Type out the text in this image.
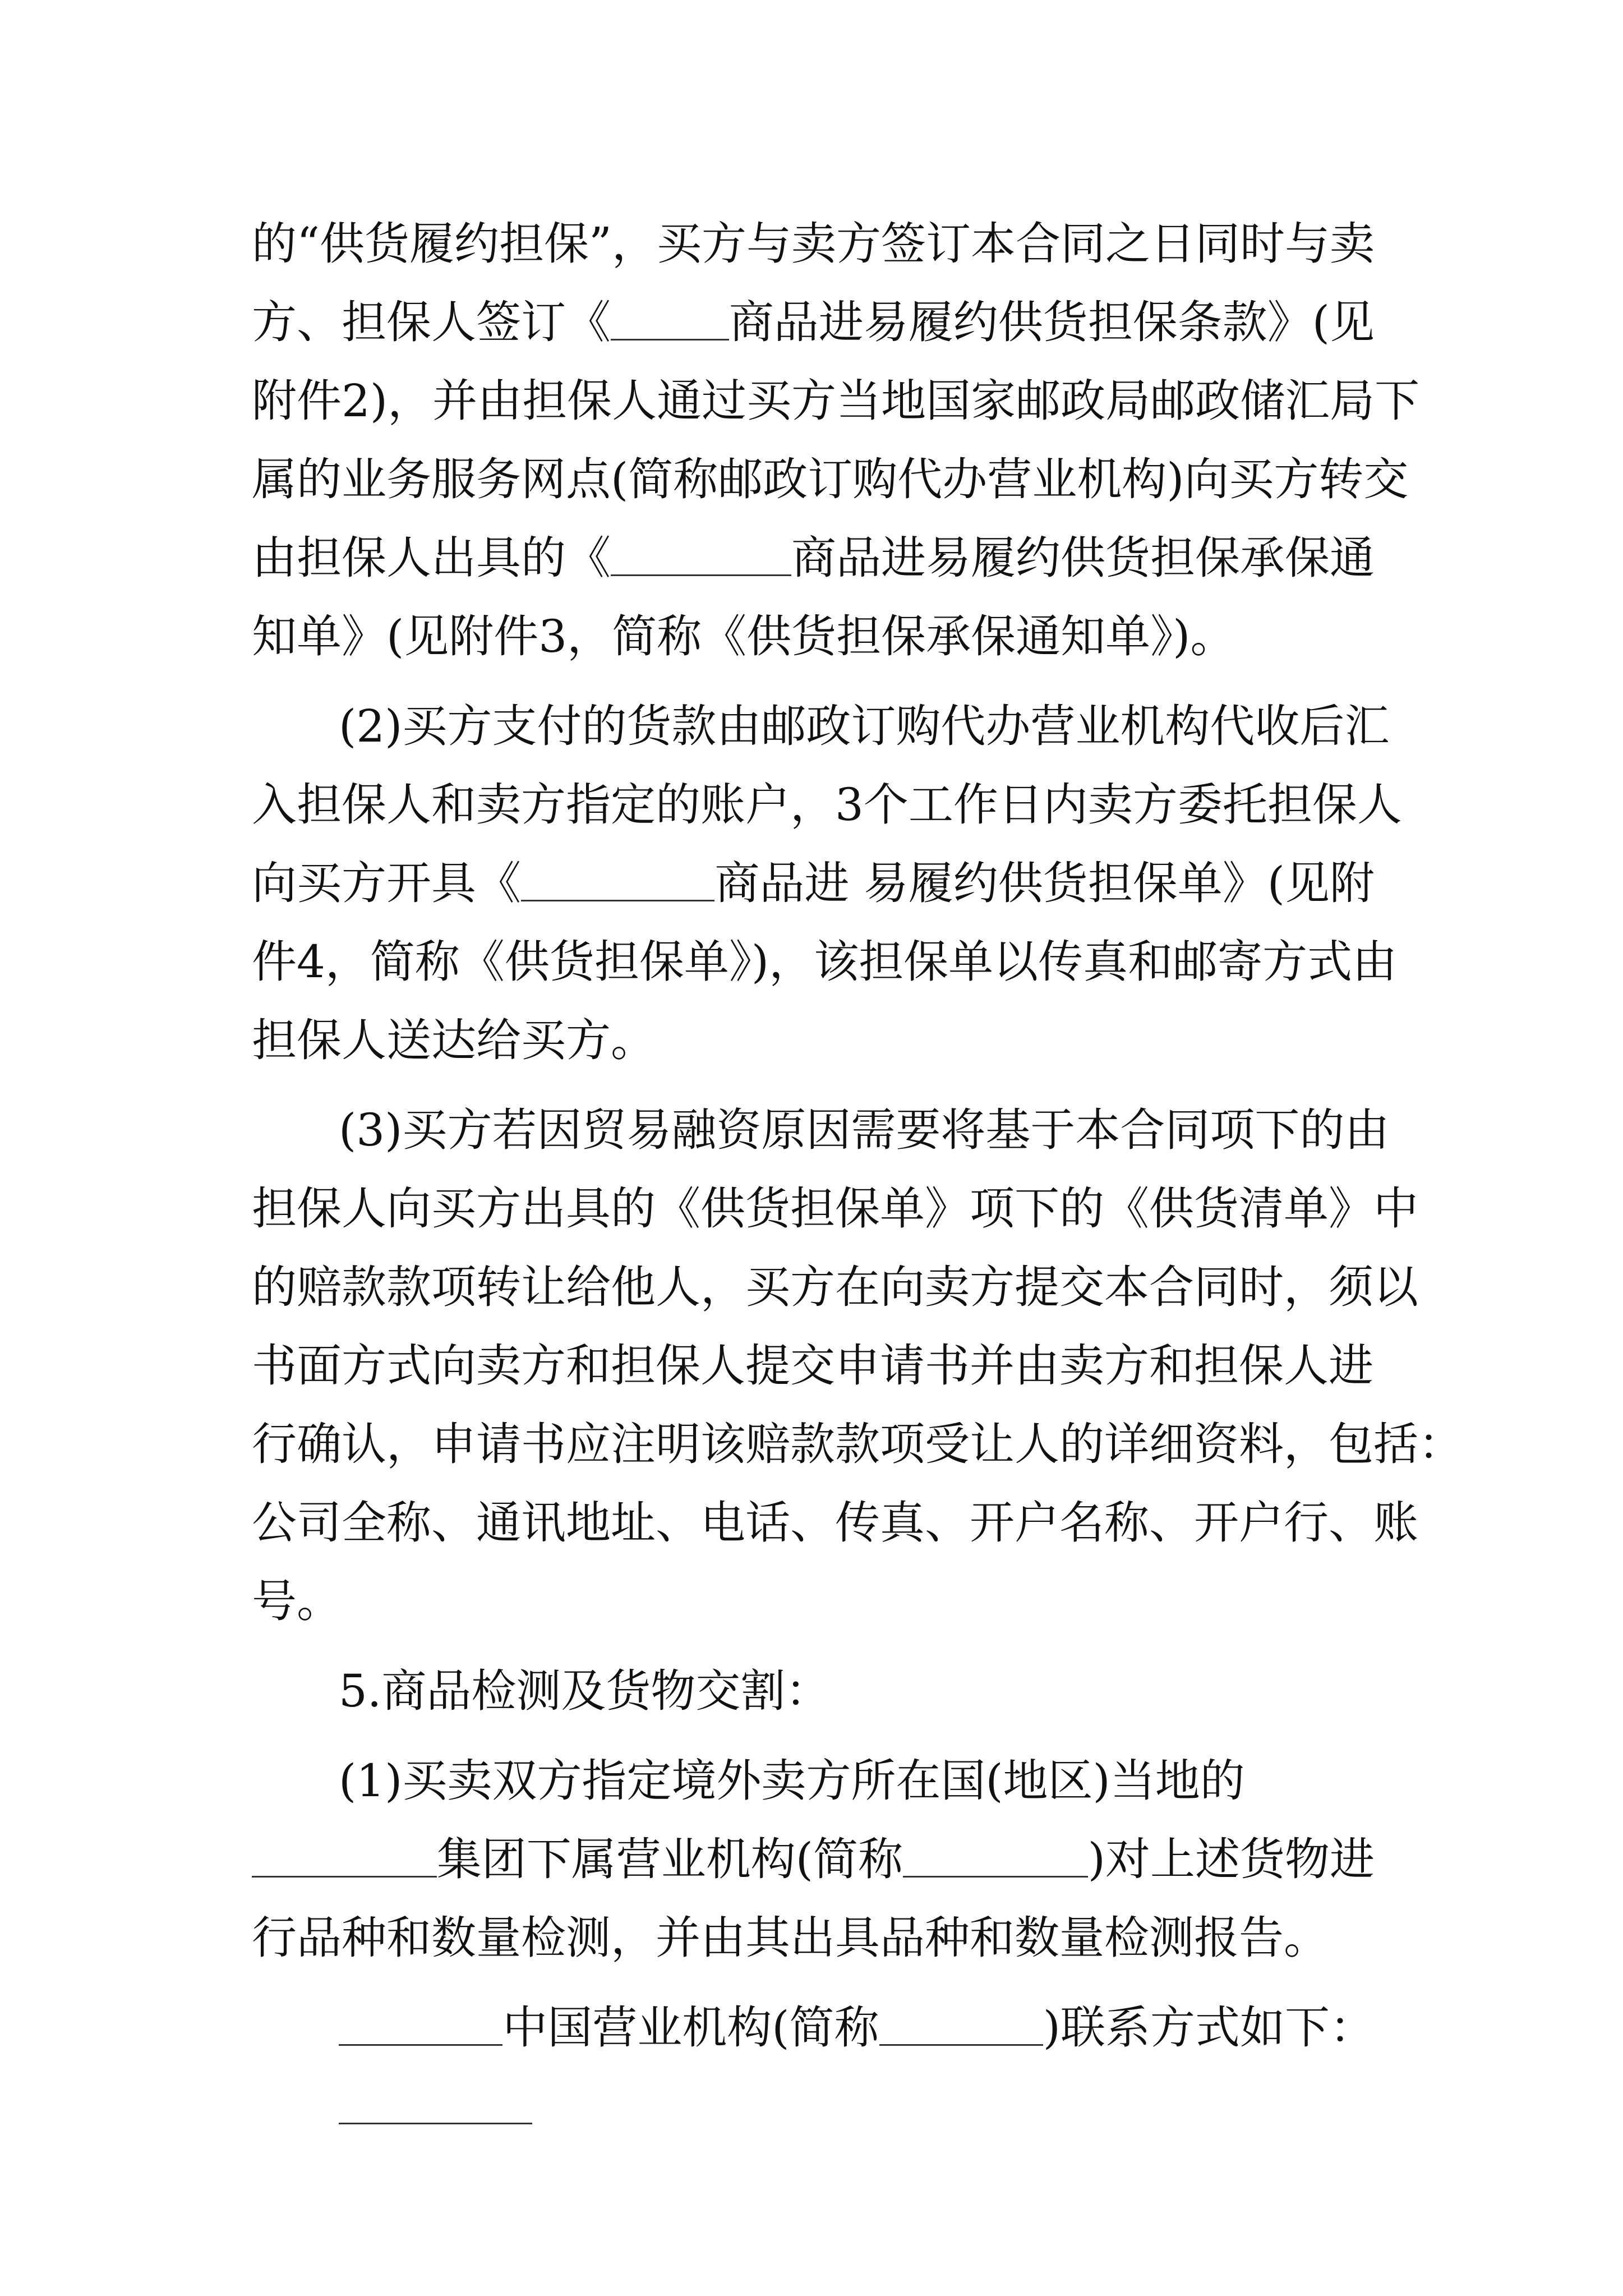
的 “供货履约担保”， 买方与卖方签订本合同之日同时与卖
方、担保人签订《	商品进易履约供货担保条款》(见
附件2)，并由担保人通过买方当地国家邮政局邮政储汇局下
属的业务服务网点(简称邮政订购代办营业机构)向买方转交
由担保人出具的《	商品进易履约供货担保承保通
知单》(见附件3，简称《供货担保承保通知单》)。
(2)买方支付的货款由邮政订购代办营业机构代收后汇
入担保人和卖方指定的账户，3个工作日内卖方委托担保人
向买方开具《	商品进 易履约供货担保单》(见附
件4，简称《供货担保单》)，该担保单以传真和邮寄方式由
担保人送达给买方。
(3)买方若因贸易融资原因需要将基于本合同项下的由
担保人向买方出具的《供货担保单》项下的《供货清单》中
的赔款款项转让给他人，买方在向卖方提交本合同时，须以
书面方式向卖方和担保人提交申请书并由卖方和担保人进
行确认，申请书应注明该赔款款项受让人的详细资料，包括：
公司全称、通讯地址、电话、传真、开户名称、开户行、账
号。
5.商品检测及货物交割：
(1)买卖双方指定境外卖方所在国(地区)当地的
集团下属营业机构(简称	)对上述货物进
行品种和数量检测，并由其出具品种和数量检测报告。
中国营业机构(简称	)联系方式如下：
